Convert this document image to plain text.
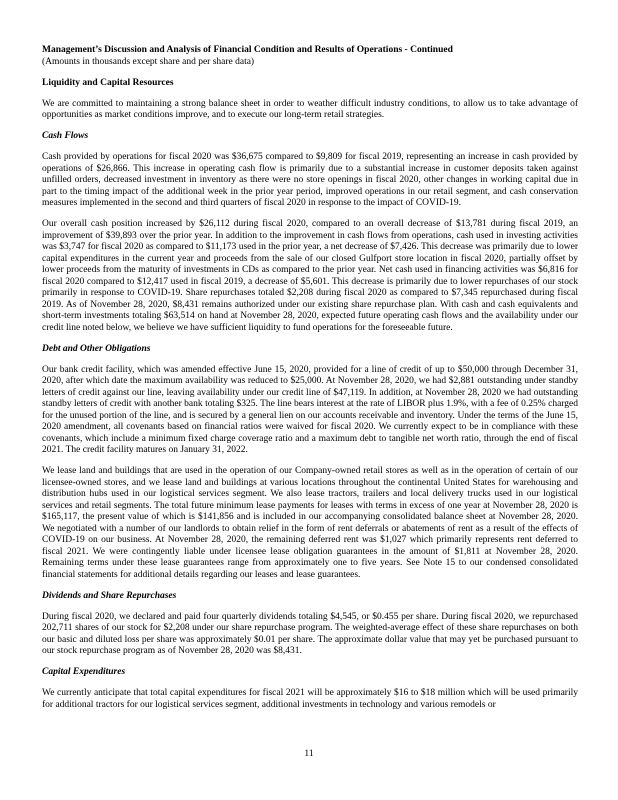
Management’s Discussion and Analysis of Financial Condition and Results of Operations - Continued

(Amounts in thousands except share and per share data)

Liquidity and Capital Resources

We are committed to maintaining a strong balance sheet in order to weather difficult industry conditions, to allow us to take advantage of opportunities as market conditions improve, and to execute our long-term retail strategies.

Cash Flows

Cash provided by operations for fiscal 2020 was $36,675 compared to $9,809 for fiscal 2019, representing an increase in cash provided by operations of $26,866. This increase in operating cash flow is primarily due to a substantial increase in customer deposits taken against unfilled orders, decreased investment in inventory as there were no store openings in fiscal 2020, other changes in working capital due in part to the timing impact of the additional week in the prior year period, improved operations in our retail segment, and cash conservation measures implemented in the second and third quarters of fiscal 2020 in response to the impact of COVID-19.

Our overall cash position increased by $26,112 during fiscal 2020, compared to an overall decrease of $13,781 during fiscal 2019, an improvement of $39,893 over the prior year. In addition to the improvement in cash flows from operations, cash used in investing activities was $3,747 for fiscal 2020 as compared to $11,173 used in the prior year, a net decrease of $7,426. This decrease was primarily due to lower capital expenditures in the current year and proceeds from the sale of our closed Gulfport store location in fiscal 2020, partially offset by lower proceeds from the maturity of investments in CDs as compared to the prior year. Net cash used in financing activities was $6,816 for fiscal 2020 compared to $12,417 used in fiscal 2019, a decrease of $5,601. This decrease is primarily due to lower repurchases of our stock primarily in response to COVID-19. Share repurchases totaled $2,208 during fiscal 2020 as compared to $7,345 repurchased during fiscal 2019. As of November 28, 2020, $8,431 remains authorized under our existing share repurchase plan. With cash and cash equivalents and short-term investments totaling $63,514 on hand at November 28, 2020, expected future operating cash flows and the availability under our credit line noted below, we believe we have sufficient liquidity to fund operations for the foreseeable future.

Debt and Other Obligations

Our bank credit facility, which was amended effective June 15, 2020, provided for a line of credit of up to $50,000 through December 31, 2020, after which date the maximum availability was reduced to $25,000. At November 28, 2020, we had $2,881 outstanding under standby letters of credit against our line, leaving availability under our credit line of $47,119. In addition, at November 28, 2020 we had outstanding standby letters of credit with another bank totaling $325. The line bears interest at the rate of LIBOR plus 1.9%, with a fee of 0.25% charged for the unused portion of the line, and is secured by a general lien on our accounts receivable and inventory. Under the terms of the June 15, 2020 amendment, all covenants based on financial ratios were waived for fiscal 2020. We currently expect to be in compliance with these covenants, which include a minimum fixed charge coverage ratio and a maximum debt to tangible net worth ratio, through the end of fiscal 2021. The credit facility matures on January 31, 2022.

We lease land and buildings that are used in the operation of our Company-owned retail stores as well as in the operation of certain of our licensee-owned stores, and we lease land and buildings at various locations throughout the continental United States for warehousing and distribution hubs used in our logistical services segment. We also lease tractors, trailers and local delivery trucks used in our logistical services and retail segments. The total future minimum lease payments for leases with terms in excess of one year at November 28, 2020 is $165,117, the present value of which is $141,856 and is included in our accompanying consolidated balance sheet at November 28, 2020. We negotiated with a number of our landlords to obtain relief in the form of rent deferrals or abatements of rent as a result of the effects of COVID-19 on our business. At November 28, 2020, the remaining deferred rent was $1,027 which primarily represents rent deferred to fiscal 2021. We were contingently liable under licensee lease obligation guarantees in the amount of $1,811 at November 28, 2020. Remaining terms under these lease guarantees range from approximately one to five years. See Note 15 to our condensed consolidated financial statements for additional details regarding our leases and lease guarantees.

Dividends and Share Repurchases

During fiscal 2020, we declared and paid four quarterly dividends totaling $4,545, or $0.455 per share. During fiscal 2020, we repurchased 202,711 shares of our stock for $2,208 under our share repurchase program. The weighted-average effect of these share repurchases on both our basic and diluted loss per share was approximately $0.01 per share. The approximate dollar value that may yet be purchased pursuant to our stock repurchase program as of November 28, 2020 was $8,431.

Capital Expenditures

We currently anticipate that total capital expenditures for fiscal 2021 will be approximately $16 to $18 million which will be used primarily for additional tractors for our logistical services segment, additional investments in technology and various remodels or

11
